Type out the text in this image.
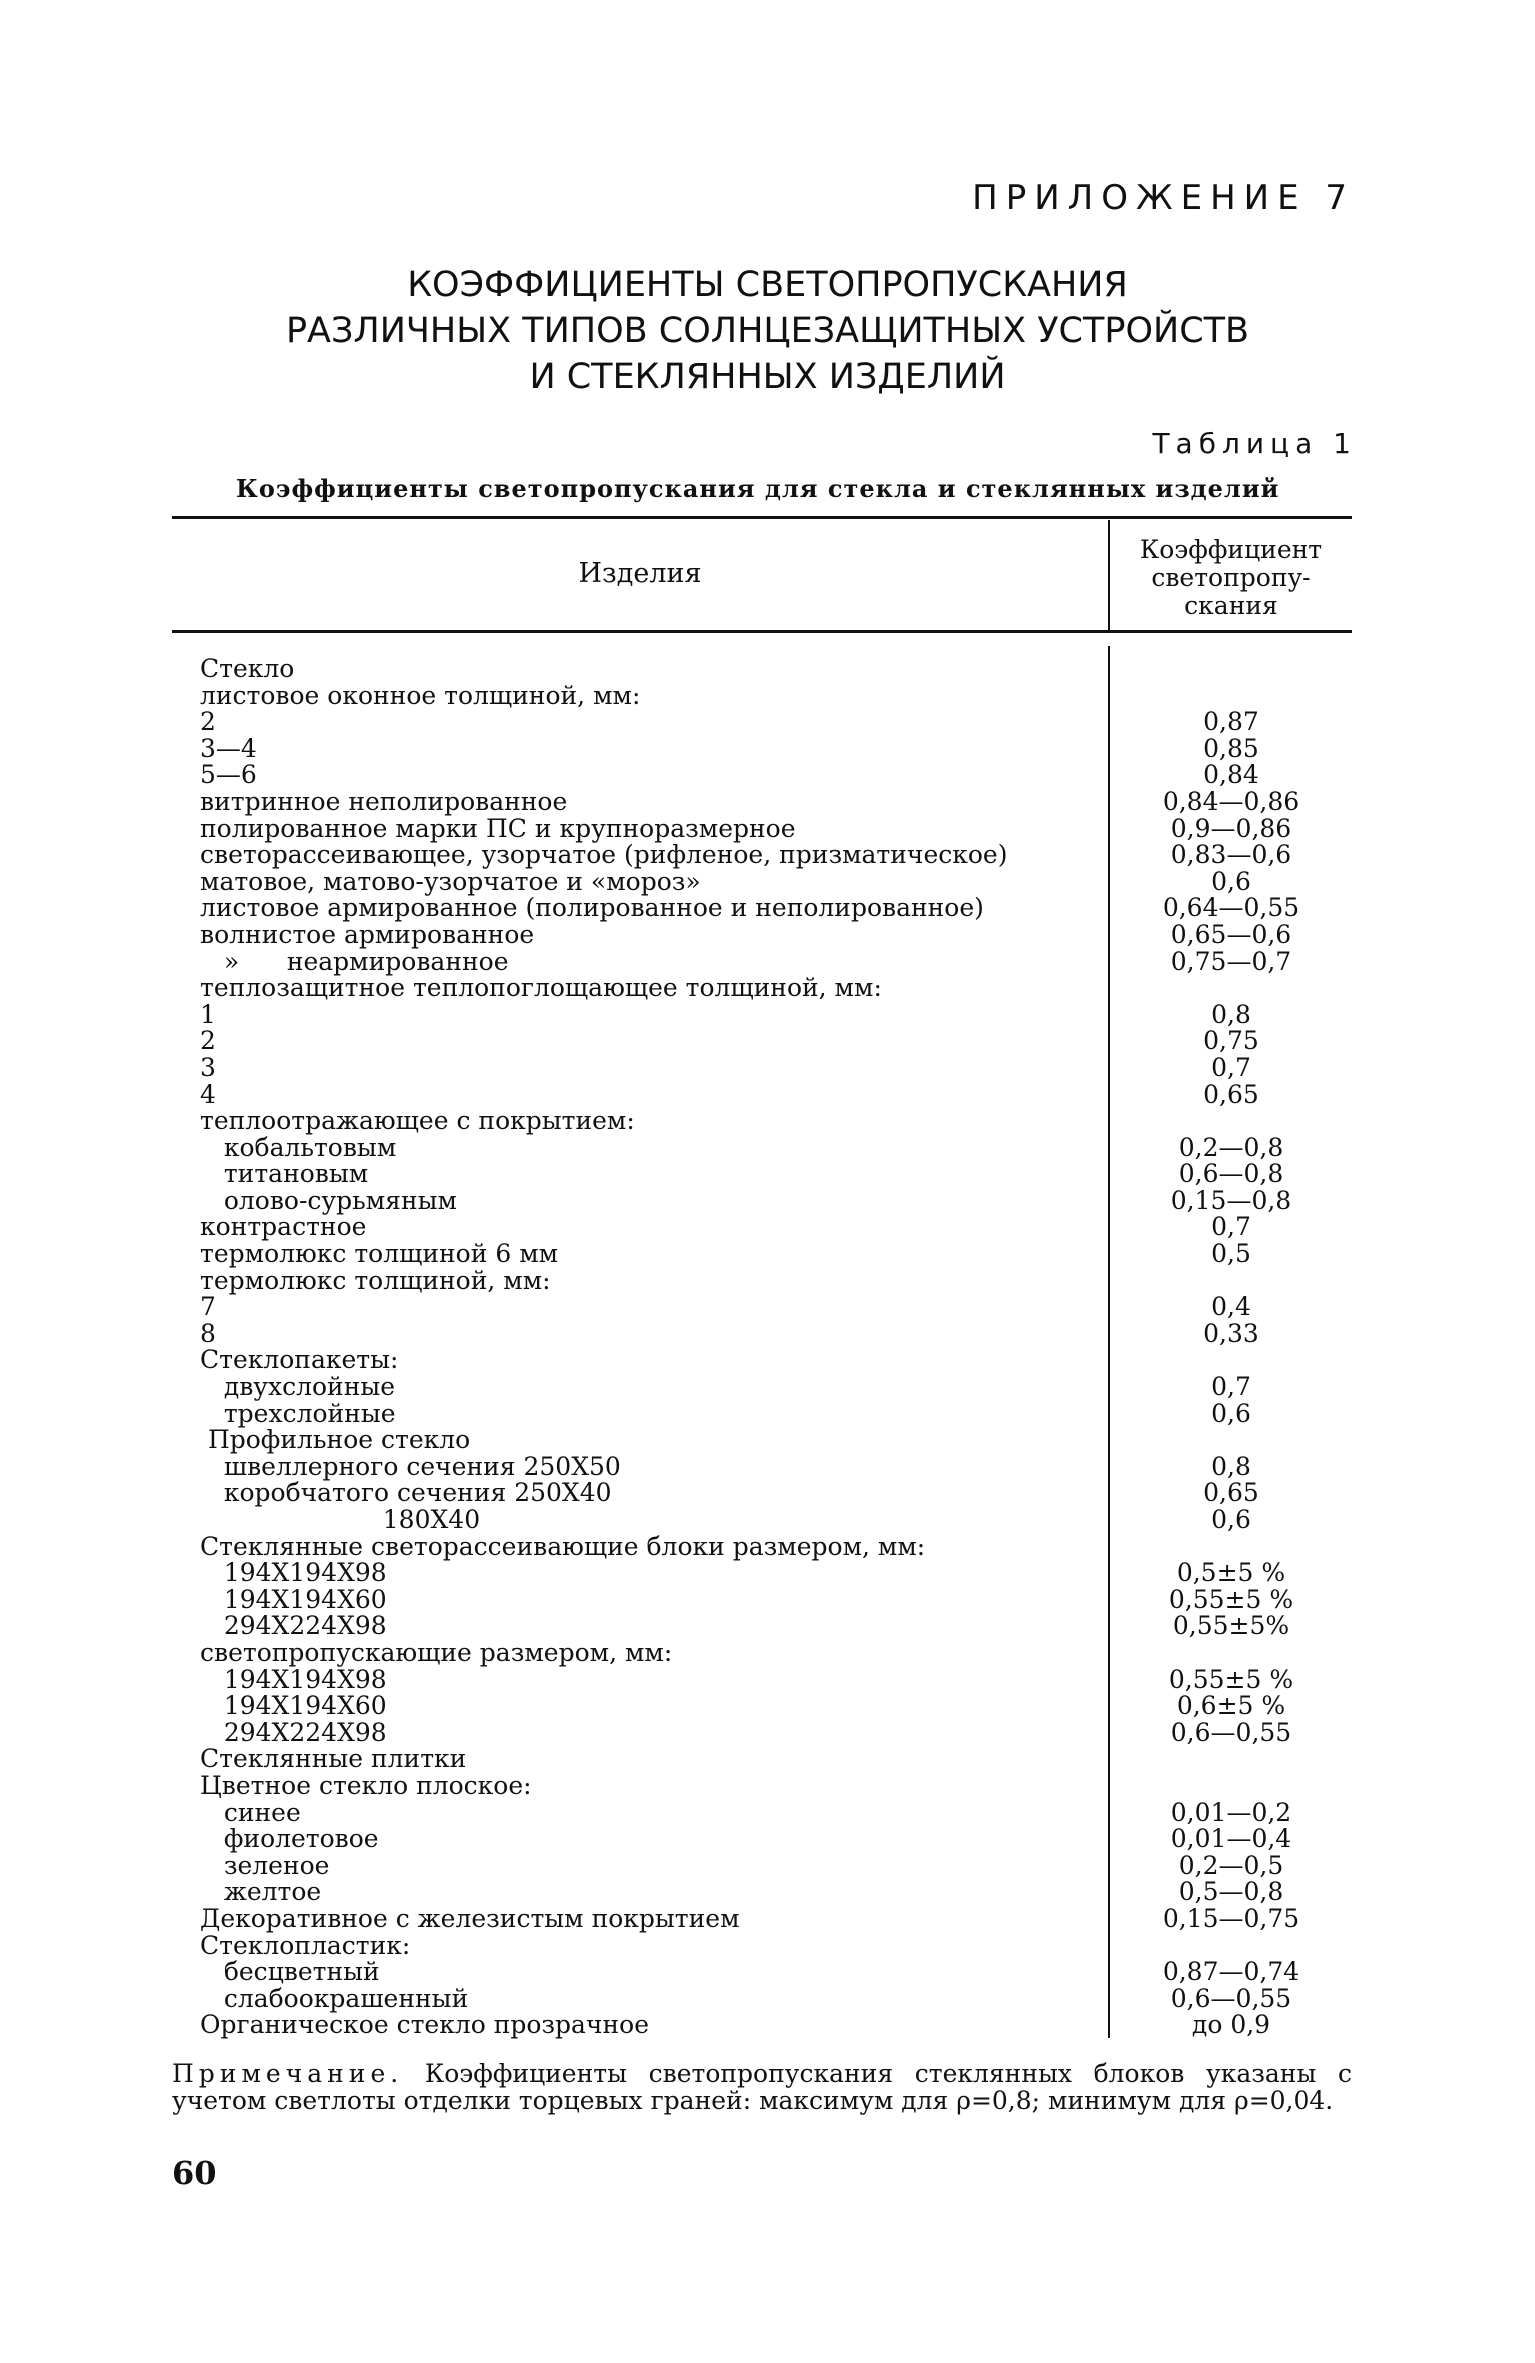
ПРИЛОЖЕНИЕ 7
КОЭФФИЦИЕНТЫ СВЕТОПРОПУСКАНИЯ
РАЗЛИЧНЫХ ТИПОВ СОЛНЦЕЗАЩИТНЫХ УСТРОЙСТВ
И СТЕКЛЯННЫХ ИЗДЕЛИЙ
Таблица 1
Коэффициенты светопропускания для стекла и стеклянных изделий
Изделия
Коэффициент
светопропу-
скания
Стекло
листовое оконное толщиной, мм:
2	0,87
3—4	0,85
5—6	0,84
витринное неполированное	0,84—0,86
полированное марки ПС и крупноразмерное	0,9—0,86
светорассеивающее, узорчатое (рифленое, призматическое)	0,83—0,6
матовое, матово-узорчатое и «мороз»	0,6
листовое армированное (полированное и неполированное)	0,64—0,55
волнистое армированное	0,65—0,6
»      неармированное	0,75—0,7
теплозащитное теплопоглощающее толщиной, мм:
1	0,8
2	0,75
3	0,7
4	0,65
теплоотражающее с покрытием:
кобальтовым	0,2—0,8
титановым	0,6—0,8
олово-сурьмяным	0,15—0,8
контрастное	0,7
термолюкс толщиной 6 мм	0,5
термолюкс толщиной, мм:
7	0,4
8	0,33
Стеклопакеты:
двухслойные	0,7
трехслойные	0,6
Профильное стекло
швеллерного сечения 250Х50	0,8
коробчатого сечения 250Х40	0,65
180Х40	0,6
Стеклянные светорассеивающие блоки размером, мм:
194Х194Х98	0,5±5 %
194Х194Х60	0,55±5 %
294Х224Х98	0,55±5%
светопропускающие размером, мм:
194Х194Х98	0,55±5 %
194Х194Х60	0,6±5 %
294Х224Х98	0,6—0,55
Стеклянные плитки
Цветное стекло плоское:
синее	0,01—0,2
фиолетовое	0,01—0,4
зеленое	0,2—0,5
желтое	0,5—0,8
Декоративное с железистым покрытием	0,15—0,75
Стеклопластик:
бесцветный	0,87—0,74
слабоокрашенный	0,6—0,55
Органическое стекло прозрачное	до 0,9
Примечание. Коэффициенты светопропускания стеклянных блоков указаны с учетом светлоты отделки торцевых граней: максимум для ρ=0,8; минимум для ρ=0,04.
60
